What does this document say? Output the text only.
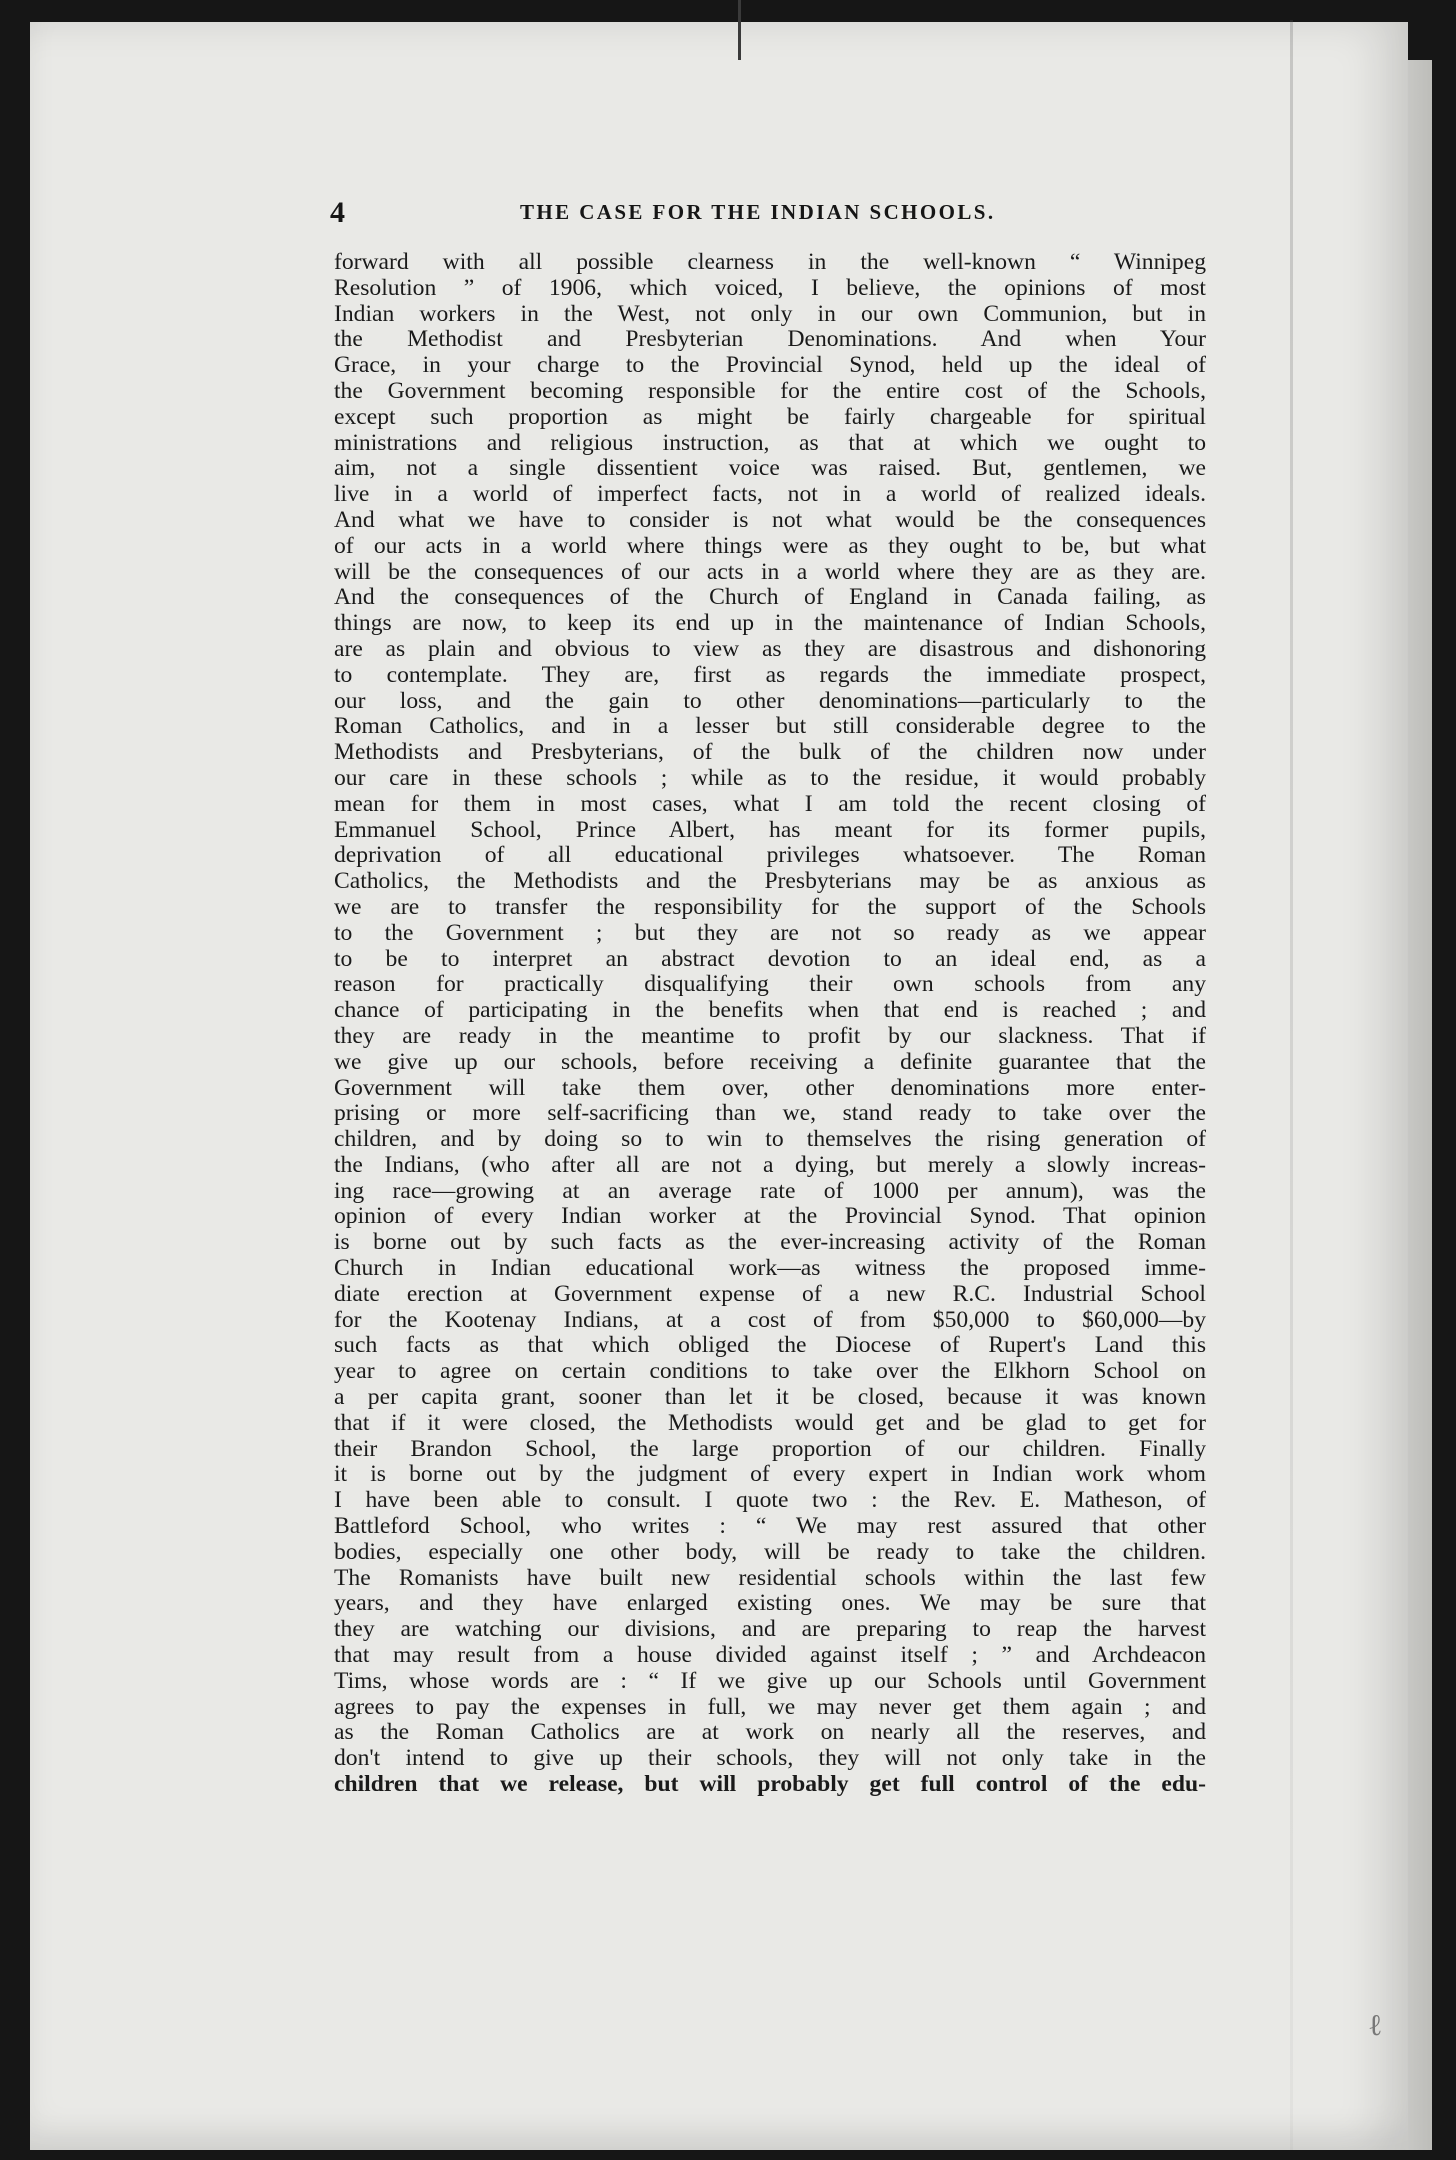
4	THE CASE FOR THE INDIAN SCHOOLS.
forward with all possible clearness in the well-known “ Winnipeg
Resolution ” of 1906, which voiced, I believe, the opinions of most
Indian workers in the West, not only in our own Communion, but in
the Methodist and Presbyterian Denominations. And when Your
Grace, in your charge to the Provincial Synod, held up the ideal of
the Government becoming responsible for the entire cost of the Schools,
except such proportion as might be fairly chargeable for spiritual
ministrations and religious instruction, as that at which we ought to
aim, not a single dissentient voice was raised. But, gentlemen, we
live in a world of imperfect facts, not in a world of realized ideals.
And what we have to consider is not what would be the consequences
of our acts in a world where things were as they ought to be, but what
will be the consequences of our acts in a world where they are as they are.
And the consequences of the Church of England in Canada failing, as
things are now, to keep its end up in the maintenance of Indian Schools,
are as plain and obvious to view as they are disastrous and dishonoring
to contemplate. They are, first as regards the immediate prospect,
our loss, and the gain to other denominations—particularly to the
Roman Catholics, and in a lesser but still considerable degree to the
Methodists and Presbyterians, of the bulk of the children now under
our care in these schools ; while as to the residue, it would probably
mean for them in most cases, what I am told the recent closing of
Emmanuel School, Prince Albert, has meant for its former pupils,
deprivation of all educational privileges whatsoever. The Roman
Catholics, the Methodists and the Presbyterians may be as anxious as
we are to transfer the responsibility for the support of the Schools
to the Government ; but they are not so ready as we appear
to be to interpret an abstract devotion to an ideal end, as a
reason for practically disqualifying their own schools from any
chance of participating in the benefits when that end is reached ; and
they are ready in the meantime to profit by our slackness. That if
we give up our schools, before receiving a definite guarantee that the
Government will take them over, other denominations more enter-
prising or more self-sacrificing than we, stand ready to take over the
children, and by doing so to win to themselves the rising generation of
the Indians, (who after all are not a dying, but merely a slowly increas-
ing race—growing at an average rate of 1000 per annum), was the
opinion of every Indian worker at the Provincial Synod. That opinion
is borne out by such facts as the ever-increasing activity of the Roman
Church in Indian educational work—as witness the proposed imme-
diate erection at Government expense of a new R.C. Industrial School
for the Kootenay Indians, at a cost of from $50,000 to $60,000—by
such facts as that which obliged the Diocese of Rupert's Land this
year to agree on certain conditions to take over the Elkhorn School on
a per capita grant, sooner than let it be closed, because it was known
that if it were closed, the Methodists would get and be glad to get for
their Brandon School, the large proportion of our children. Finally
it is borne out by the judgment of every expert in Indian work whom
I have been able to consult. I quote two : the Rev. E. Matheson, of
Battleford School, who writes : “ We may rest assured that other
bodies, especially one other body, will be ready to take the children.
The Romanists have built new residential schools within the last few
years, and they have enlarged existing ones. We may be sure that
they are watching our divisions, and are preparing to reap the harvest
that may result from a house divided against itself ; ” and Archdeacon
Tims, whose words are : “ If we give up our Schools until Government
agrees to pay the expenses in full, we may never get them again ; and
as the Roman Catholics are at work on nearly all the reserves, and
don't intend to give up their schools, they will not only take in the
children that we release, but will probably get full control of the edu-
ℓ
